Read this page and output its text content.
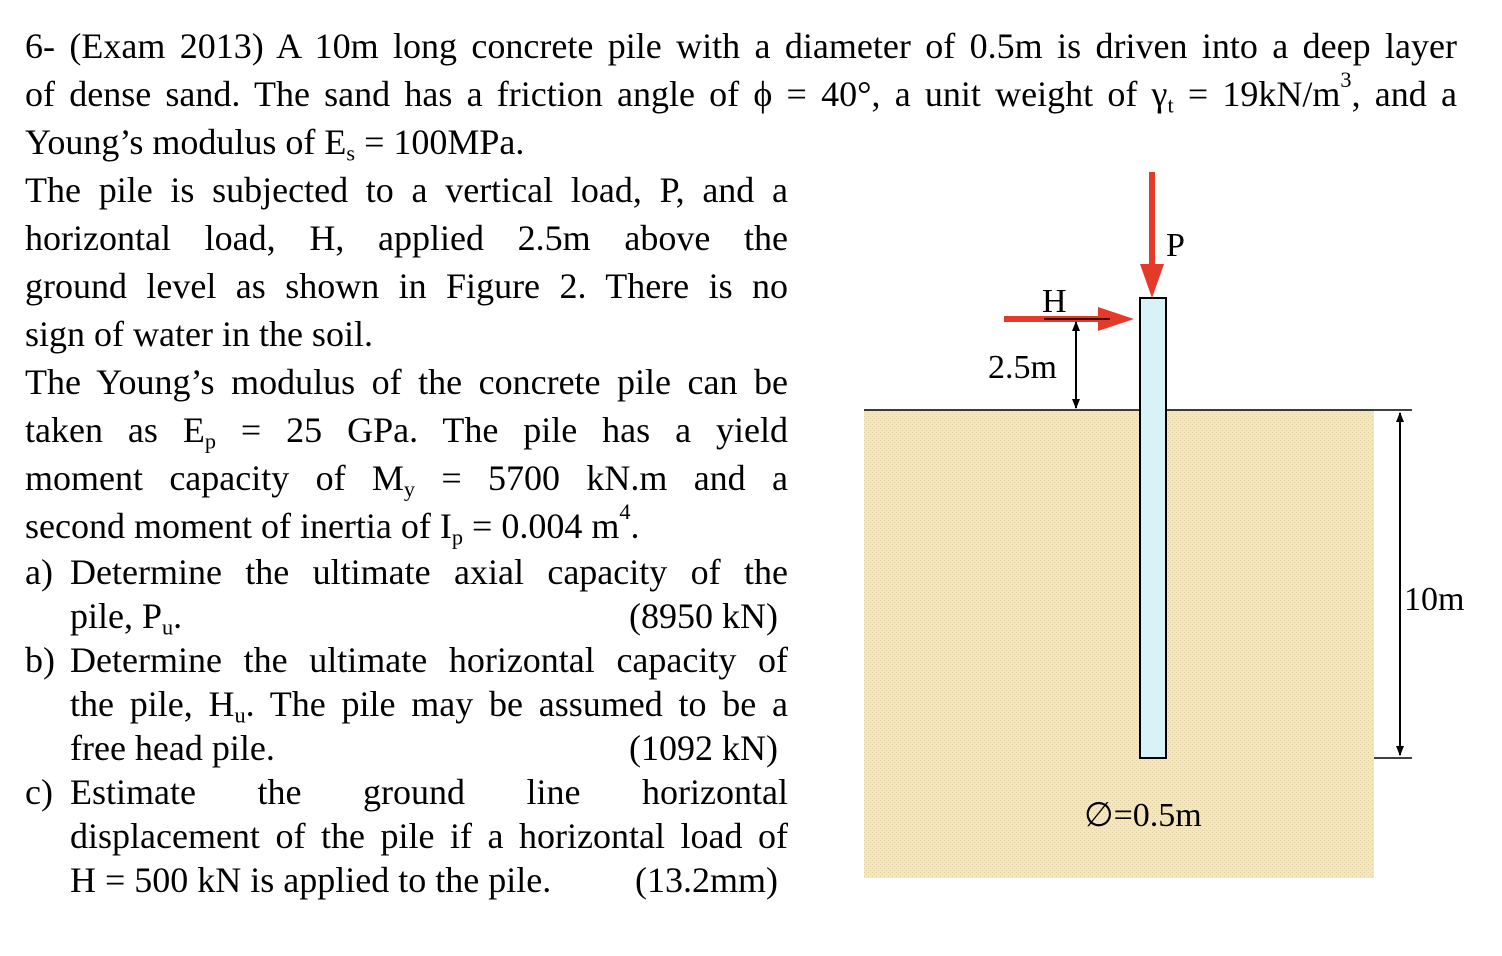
6- (Exam 2013) A 10m long concrete pile with a diameter of 0.5m is driven into a deep layer
of dense sand. The sand has a friction angle of ϕ = 40°, a unit weight of $\gamma_t = 19kN/m^3$, and a
Young’s modulus of $E_s = 100MPa$.
The pile is subjected to a vertical load, P, and a
horizontal load, H, applied 2.5m above the
ground level as shown in Figure 2. There is no
sign of water in the soil.
The Young’s modulus of the concrete pile can be
taken as $E_p = 25$ GPa. The pile has a yield
moment capacity of $M_y = 5700$ kN.m and a
second moment of inertia of $I_p = 0.004$ $m^4$.
a) Determine the ultimate axial capacity of the
pile, $P_u$.	(8950 kN)
b) Determine the ultimate horizontal capacity of
the pile, $H_u$. The pile may be assumed to be a
free head pile.	(1092 kN)
c) Estimate the ground line horizontal
displacement of the pile if a horizontal load of
H = 500 kN is applied to the pile. (13.2mm)
P
H
2.5m
10m
∅=0.5m
